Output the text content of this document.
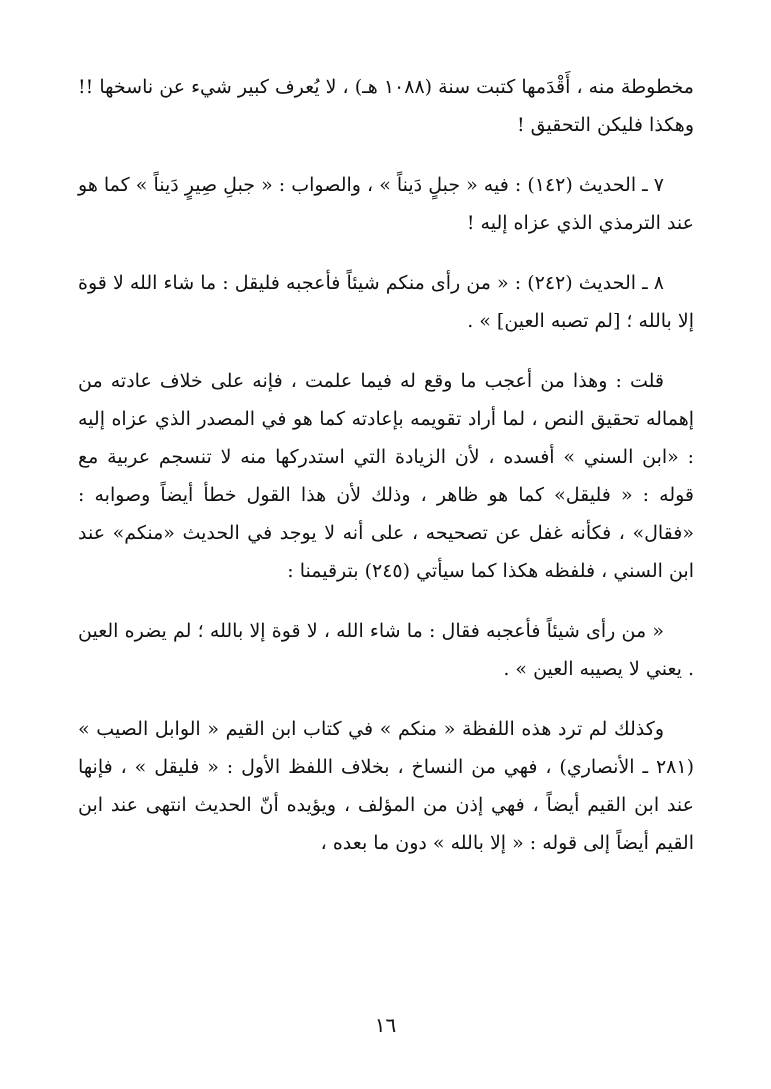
مخطوطة منه ، أَقْدَمها كتبت سنة (١٠٨٨ هـ) ، لا يُعرف كبير شيء عن ناسخها !! وهكذا فليكن التحقيق !

٧ ـ الحديث (١٤٢) : فيه « جبلٍ دَيناً » ، والصواب : « جبلِ صِيرٍ دَيناً » كما هو عند الترمذي الذي عزاه إليه !

٨ ـ الحديث (٢٤٢) : « من رأى منكم شيئاً فأعجبه فليقل : ما شاء الله لا قوة إلا بالله ؛ [لم تصبه العين] » .

قلت : وهذا من أعجب ما وقع له فيما علمت ، فإنه على خلاف عادته من إهماله تحقيق النص ، لما أراد تقويمه بإعادته كما هو في المصدر الذي عزاه إليه : «ابن السني » أفسده ، لأن الزيادة التي استدركها منه لا تنسجم عربية مع قوله : « فليقل» كما هو ظاهر ، وذلك لأن هذا القول خطأ أيضاً وصوابه : «فقال» ، فكأنه غفل عن تصحيحه ، على أنه لا يوجد في الحديث «منكم» عند ابن السني ، فلفظه هكذا كما سيأتي (٢٤٥) بترقيمنا :

« من رأى شيئاً فأعجبه فقال : ما شاء الله ، لا قوة إلا بالله ؛ لم يضره العين . يعني لا يصيبه العين » .

وكذلك لم ترد هذه اللفظة « منكم » في كتاب ابن القيم « الوابل الصيب » (٢٨١ ـ الأنصاري) ، فهي من النساخ ، بخلاف اللفظ الأول : « فليقل » ، فإنها عند ابن القيم أيضاً ، فهي إذن من المؤلف ، ويؤيده أنّ الحديث انتهى عند ابن القيم أيضاً إلى قوله : « إلا بالله » دون ما بعده ،

١٦
